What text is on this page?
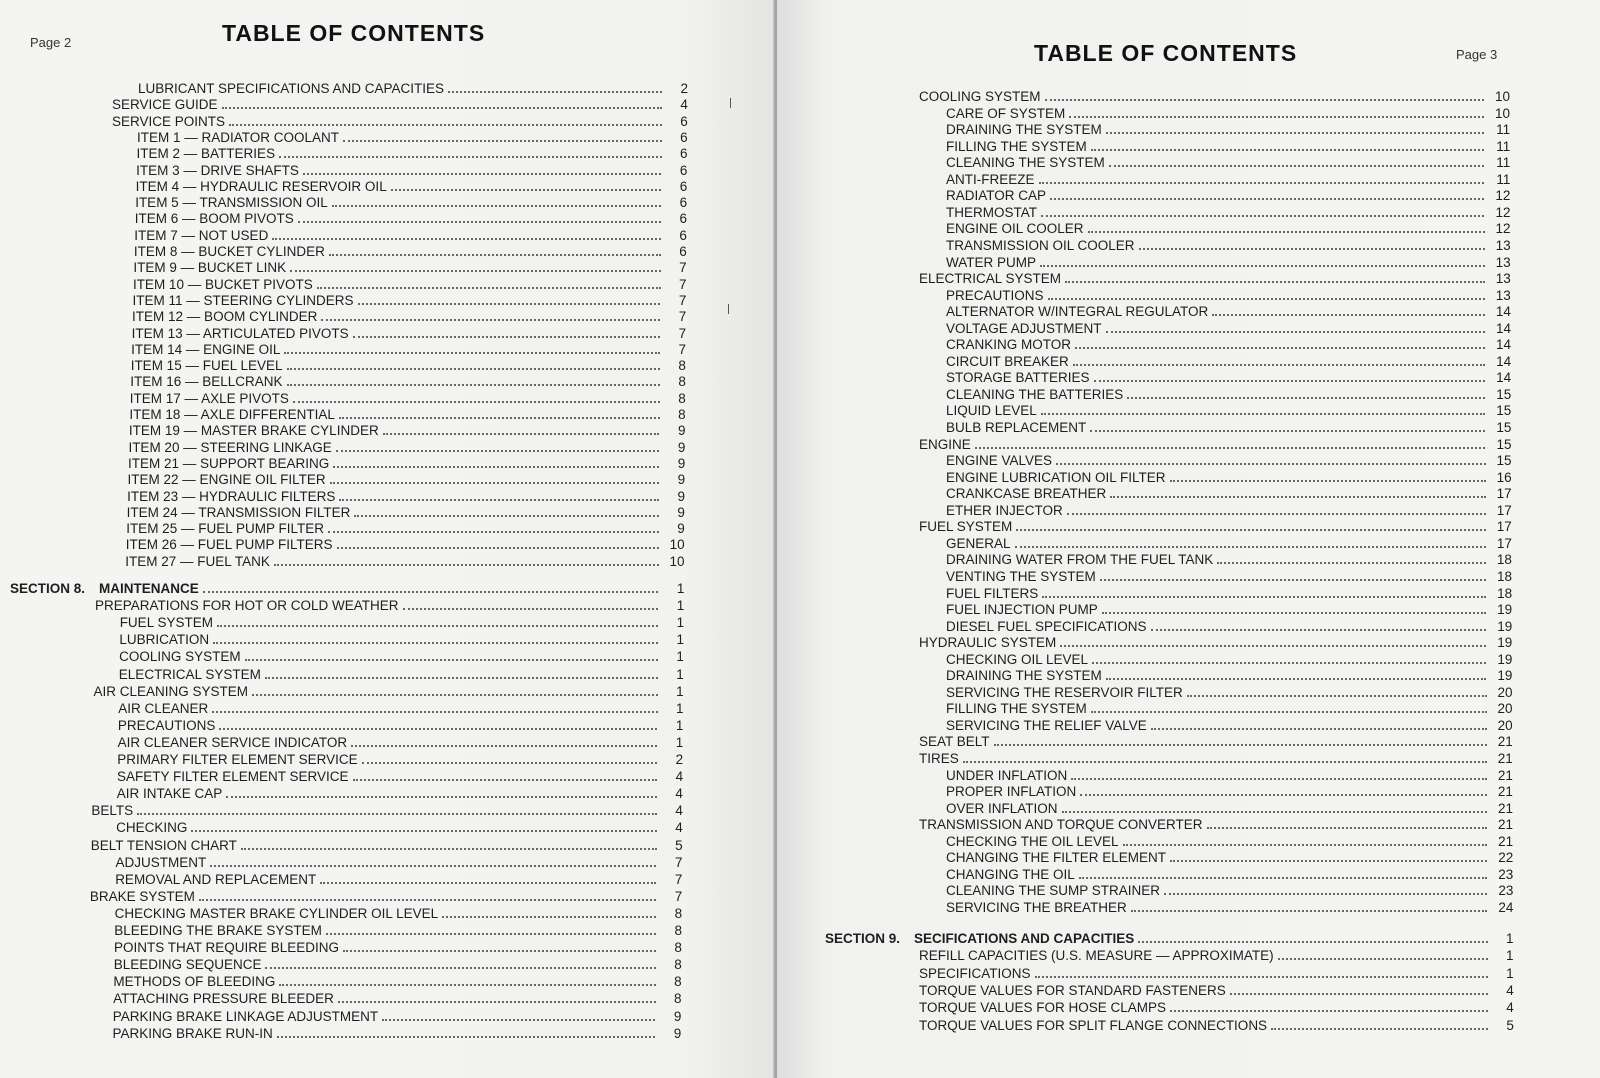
Page 2	TABLE OF CONTENTS
LUBRICANT SPECIFICATIONS AND CAPACITIES	2
SERVICE GUIDE	4
SERVICE POINTS	6
ITEM 1 — RADIATOR COOLANT	6
ITEM 2 — BATTERIES	6
ITEM 3 — DRIVE SHAFTS	6
ITEM 4 — HYDRAULIC RESERVOIR OIL	6
ITEM 5 — TRANSMISSION OIL	6
ITEM 6 — BOOM PIVOTS	6
ITEM 7 — NOT USED	6
ITEM 8 — BUCKET CYLINDER	6
ITEM 9 — BUCKET LINK	7
ITEM 10 — BUCKET PIVOTS	7
ITEM 11 — STEERING CYLINDERS	7
ITEM 12 — BOOM CYLINDER	7
ITEM 13 — ARTICULATED PIVOTS	7
ITEM 14 — ENGINE OIL	7
ITEM 15 — FUEL LEVEL	8
ITEM 16 — BELLCRANK	8
ITEM 17 — AXLE PIVOTS	8
ITEM 18 — AXLE DIFFERENTIAL	8
ITEM 19 — MASTER BRAKE CYLINDER	9
ITEM 20 — STEERING LINKAGE	9
ITEM 21 — SUPPORT BEARING	9
ITEM 22 — ENGINE OIL FILTER	9
ITEM 23 — HYDRAULIC FILTERS	9
ITEM 24 — TRANSMISSION FILTER	9
ITEM 25 — FUEL PUMP FILTER	9
ITEM 26 — FUEL PUMP FILTERS	10
ITEM 27 — FUEL TANK	10
SECTION 8. MAINTENANCE	1
PREPARATIONS FOR HOT OR COLD WEATHER	1
FUEL SYSTEM	1
LUBRICATION	1
COOLING SYSTEM	1
ELECTRICAL SYSTEM	1
AIR CLEANING SYSTEM	1
AIR CLEANER	1
PRECAUTIONS	1
AIR CLEANER SERVICE INDICATOR	1
PRIMARY FILTER ELEMENT SERVICE	2
SAFETY FILTER ELEMENT SERVICE	4
AIR INTAKE CAP	4
BELTS	4
CHECKING	4
BELT TENSION CHART	5
ADJUSTMENT	7
REMOVAL AND REPLACEMENT	7
BRAKE SYSTEM	7
CHECKING MASTER BRAKE CYLINDER OIL LEVEL	8
BLEEDING THE BRAKE SYSTEM	8
POINTS THAT REQUIRE BLEEDING	8
BLEEDING SEQUENCE	8
METHODS OF BLEEDING	8
ATTACHING PRESSURE BLEEDER	8
PARKING BRAKE LINKAGE ADJUSTMENT	9
PARKING BRAKE RUN-IN	9
TABLE OF CONTENTS	Page 3
COOLING SYSTEM	10
CARE OF SYSTEM	10
DRAINING THE SYSTEM	11
FILLING THE SYSTEM	11
CLEANING THE SYSTEM	11
ANTI-FREEZE	11
RADIATOR CAP	12
THERMOSTAT	12
ENGINE OIL COOLER	12
TRANSMISSION OIL COOLER	13
WATER PUMP	13
ELECTRICAL SYSTEM	13
PRECAUTIONS	13
ALTERNATOR W/INTEGRAL REGULATOR	14
VOLTAGE ADJUSTMENT	14
CRANKING MOTOR	14
CIRCUIT BREAKER	14
STORAGE BATTERIES	14
CLEANING THE BATTERIES	15
LIQUID LEVEL	15
BULB REPLACEMENT	15
ENGINE	15
ENGINE VALVES	15
ENGINE LUBRICATION OIL FILTER	16
CRANKCASE BREATHER	17
ETHER INJECTOR	17
FUEL SYSTEM	17
GENERAL	17
DRAINING WATER FROM THE FUEL TANK	18
VENTING THE SYSTEM	18
FUEL FILTERS	18
FUEL INJECTION PUMP	19
DIESEL FUEL SPECIFICATIONS	19
HYDRAULIC SYSTEM	19
CHECKING OIL LEVEL	19
DRAINING THE SYSTEM	19
SERVICING THE RESERVOIR FILTER	20
FILLING THE SYSTEM	20
SERVICING THE RELIEF VALVE	20
SEAT BELT	21
TIRES	21
UNDER INFLATION	21
PROPER INFLATION	21
OVER INFLATION	21
TRANSMISSION AND TORQUE CONVERTER	21
CHECKING THE OIL LEVEL	21
CHANGING THE FILTER ELEMENT	22
CHANGING THE OIL	23
CLEANING THE SUMP STRAINER	23
SERVICING THE BREATHER	24
SECTION 9. SECIFICATIONS AND CAPACITIES	1
REFILL CAPACITIES (U.S. MEASURE — APPROXIMATE)	1
SPECIFICATIONS	1
TORQUE VALUES FOR STANDARD FASTENERS	4
TORQUE VALUES FOR HOSE CLAMPS	4
TORQUE VALUES FOR SPLIT FLANGE CONNECTIONS	5
